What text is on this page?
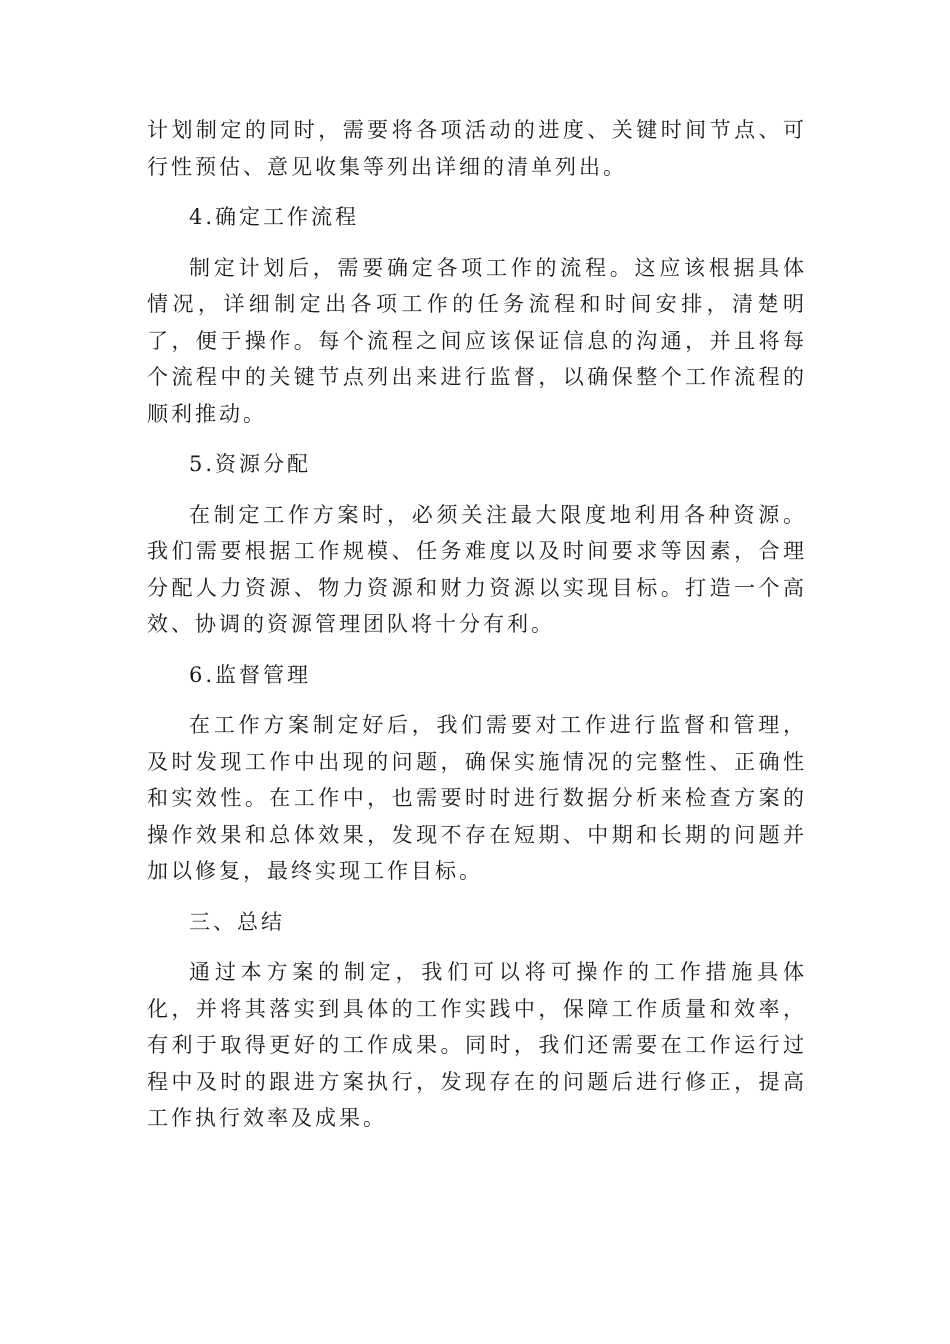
计划制定的同时，需要将各项活动的进度、关键时间节点、可行性预估、意见收集等列出详细的清单列出。

4.确定工作流程

制定计划后，需要确定各项工作的流程。这应该根据具体情况，详细制定出各项工作的任务流程和时间安排，清楚明了，便于操作。每个流程之间应该保证信息的沟通，并且将每个流程中的关键节点列出来进行监督，以确保整个工作流程的顺利推动。

5.资源分配

在制定工作方案时，必须关注最大限度地利用各种资源。我们需要根据工作规模、任务难度以及时间要求等因素，合理分配人力资源、物力资源和财力资源以实现目标。打造一个高效、协调的资源管理团队将十分有利。

6.监督管理

在工作方案制定好后，我们需要对工作进行监督和管理，及时发现工作中出现的问题，确保实施情况的完整性、正确性和实效性。在工作中，也需要时时进行数据分析来检查方案的操作效果和总体效果，发现不存在短期、中期和长期的问题并加以修复，最终实现工作目标。

三、总结

通过本方案的制定，我们可以将可操作的工作措施具体化，并将其落实到具体的工作实践中，保障工作质量和效率，有利于取得更好的工作成果。同时，我们还需要在工作运行过程中及时的跟进方案执行，发现存在的问题后进行修正，提高工作执行效率及成果。
